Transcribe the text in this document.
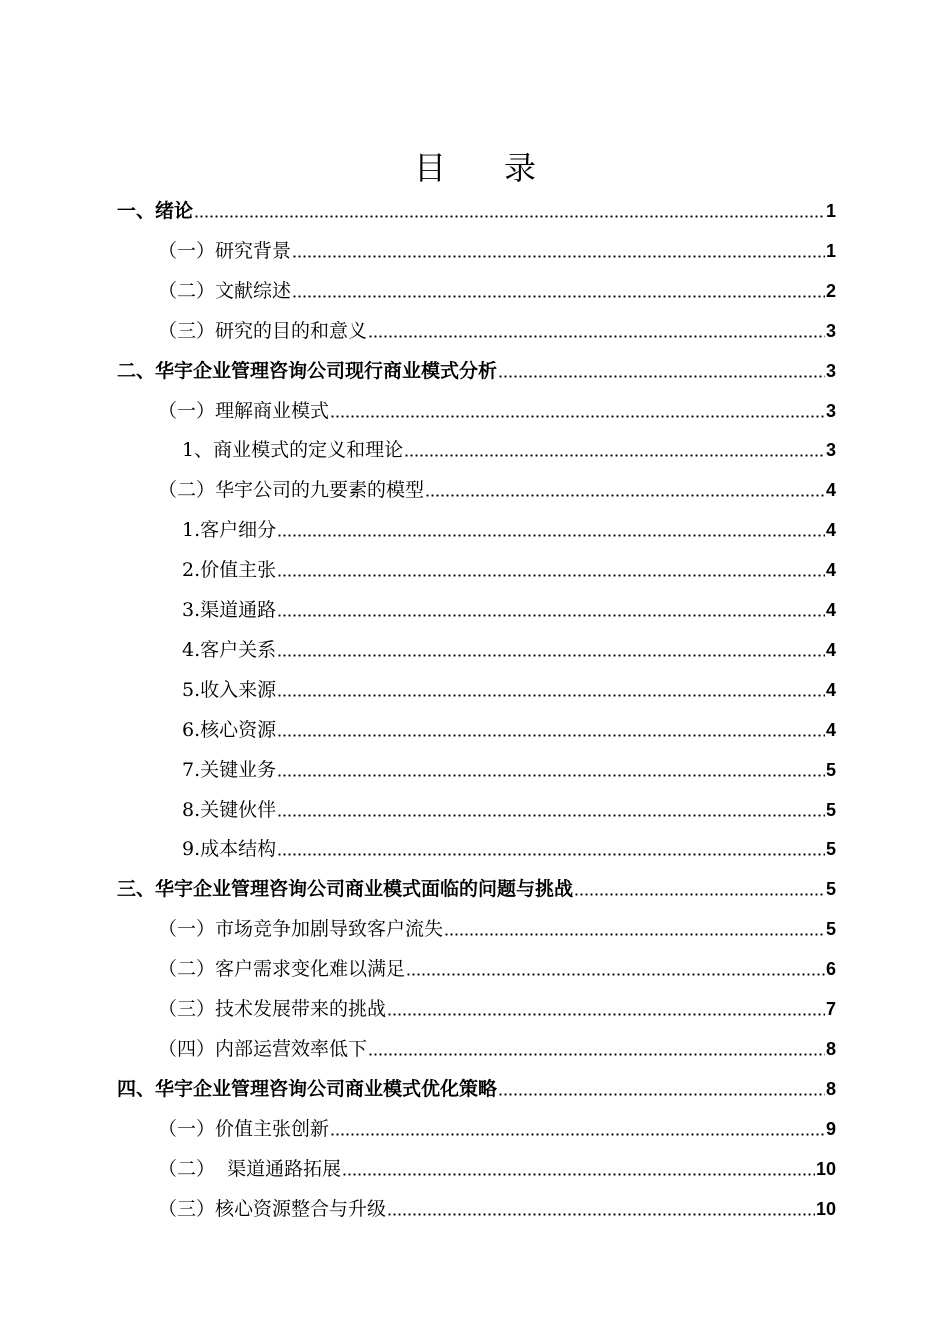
目录
一、绪论	1
（一）研究背景	1
（二）文献综述	2
（三）研究的目的和意义	3
二、华宇企业管理咨询公司现行商业模式分析	3
（一）理解商业模式	3
1、商业模式的定义和理论	3
（二）华宇公司的九要素的模型	4
1.客户细分	4
2.价值主张	4
3.渠道通路	4
4.客户关系	4
5.收入来源	4
6.核心资源	4
7.关键业务	5
8.关键伙伴	5
9.成本结构	5
三、华宇企业管理咨询公司商业模式面临的问题与挑战	5
（一）市场竞争加剧导致客户流失	5
（二）客户需求变化难以满足	6
（三）技术发展带来的挑战	7
（四）内部运营效率低下	8
四、华宇企业管理咨询公司商业模式优化策略	8
（一）价值主张创新	9
（二）  渠道通路拓展	10
（三）核心资源整合与升级	10
